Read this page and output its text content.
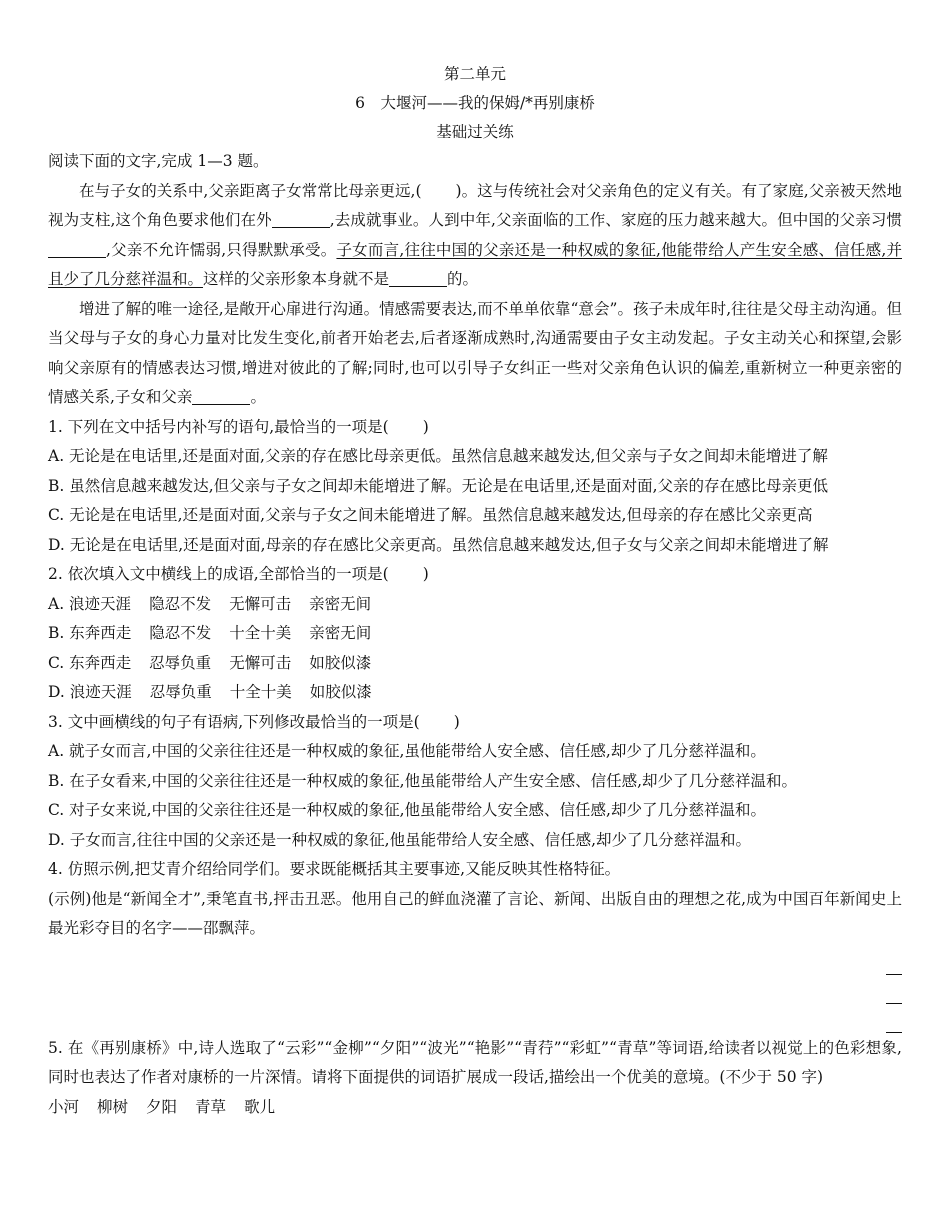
第二单元
6　大堰河——我的保姆/*再别康桥
基础过关练
阅读下面的文字,完成 1—3 题。
在与子女的关系中,父亲距离子女常常比母亲更远,( )。这与传统社会对父亲角色的定义有关。有了家庭,父亲被天然地视为支柱,这个角色要求他们在外	,去成就事业。人到中年,父亲面临的工作、家庭的压力越来越大。但中国的父亲习惯,父亲不允许懦弱,只得默默承受。子女而言,往往中国的父亲还是一种权威的象征,他能带给人产生安全感、信任感,并且少了几分慈祥温和。这样的父亲形象本身就不是	的。
增进了解的唯一途径,是敞开心扉进行沟通。情感需要表达,而不单单依靠“意会”。孩子未成年时,往往是父母主动沟通。但当父母与子女的身心力量对比发生变化,前者开始老去,后者逐渐成熟时,沟通需要由子女主动发起。子女主动关心和探望,会影响父亲原有的情感表达习惯,增进对彼此的了解;同时,也可以引导子女纠正一些对父亲角色认识的偏差,重新树立一种更亲密的情感关系,子女和父亲	。
1. 下列在文中括号内补写的语句,最恰当的一项是( )
A. 无论是在电话里,还是面对面,父亲的存在感比母亲更低。虽然信息越来越发达,但父亲与子女之间却未能增进了解
B. 虽然信息越来越发达,但父亲与子女之间却未能增进了解。无论是在电话里,还是面对面,父亲的存在感比母亲更低
C. 无论是在电话里,还是面对面,父亲与子女之间未能增进了解。虽然信息越来越发达,但母亲的存在感比父亲更高
D. 无论是在电话里,还是面对面,母亲的存在感比父亲更高。虽然信息越来越发达,但子女与父亲之间却未能增进了解
2. 依次填入文中横线上的成语,全部恰当的一项是( )
A. 浪迹天涯 隐忍不发 无懈可击 亲密无间
B. 东奔西走 隐忍不发 十全十美 亲密无间
C. 东奔西走 忍辱负重 无懈可击 如胶似漆
D. 浪迹天涯 忍辱负重 十全十美 如胶似漆
3. 文中画横线的句子有语病,下列修改最恰当的一项是( )
A. 就子女而言,中国的父亲往往还是一种权威的象征,虽他能带给人安全感、信任感,却少了几分慈祥温和。
B. 在子女看来,中国的父亲往往还是一种权威的象征,他虽能带给人产生安全感、信任感,却少了几分慈祥温和。
C. 对子女来说,中国的父亲往往还是一种权威的象征,他虽能带给人安全感、信任感,却少了几分慈祥温和。
D. 子女而言,往往中国的父亲还是一种权威的象征,他虽能带给人安全感、信任感,却少了几分慈祥温和。
4. 仿照示例,把艾青介绍给同学们。要求既能概括其主要事迹,又能反映其性格特征。
(示例)他是“新闻全才”,秉笔直书,抨击丑恶。他用自己的鲜血浇灌了言论、新闻、出版自由的理想之花,成为中国百年新闻史上最光彩夺目的名字——邵飘萍。
5. 在《再别康桥》中,诗人选取了“云彩”“金柳”“夕阳”“波光”“艳影”“青荇”“彩虹”“青草”等词语,给读者以视觉上的色彩想象,同时也表达了作者对康桥的一片深情。请将下面提供的词语扩展成一段话,描绘出一个优美的意境。(不少于 50 字)
小河 柳树 夕阳 青草 歌儿
